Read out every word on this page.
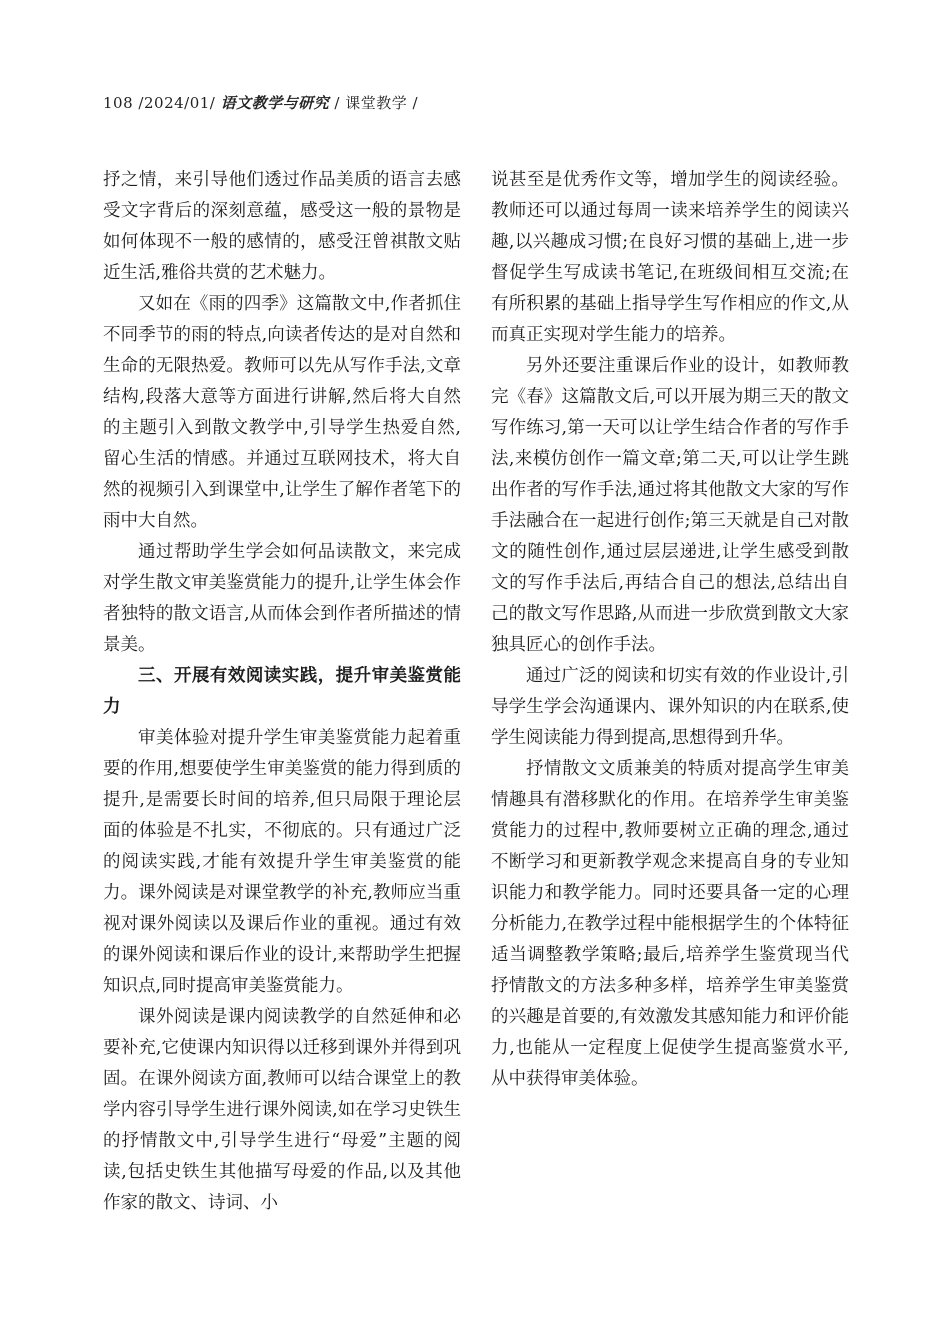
108 /2024/01/ 语文教学与研究 / 课堂教学 /

抒之情，来引导他们透过作品美质的语言去感受文字背后的深刻意蕴，感受这一般的景物是如何体现不一般的感情的，感受汪曾祺散文贴近生活,雅俗共赏的艺术魅力。

又如在《雨的四季》这篇散文中,作者抓住不同季节的雨的特点,向读者传达的是对自然和生命的无限热爱。教师可以先从写作手法,文章结构,段落大意等方面进行讲解,然后将大自然的主题引入到散文教学中,引导学生热爱自然,留心生活的情感。并通过互联网技术，将大自然的视频引入到课堂中,让学生了解作者笔下的雨中大自然。

通过帮助学生学会如何品读散文，来完成对学生散文审美鉴赏能力的提升,让学生体会作者独特的散文语言,从而体会到作者所描述的情景美。

三、开展有效阅读实践，提升审美鉴赏能力

审美体验对提升学生审美鉴赏能力起着重要的作用,想要使学生审美鉴赏的能力得到质的提升,是需要长时间的培养,但只局限于理论层面的体验是不扎实，不彻底的。只有通过广泛的阅读实践,才能有效提升学生审美鉴赏的能力。课外阅读是对课堂教学的补充,教师应当重视对课外阅读以及课后作业的重视。通过有效的课外阅读和课后作业的设计,来帮助学生把握知识点,同时提高审美鉴赏能力。

课外阅读是课内阅读教学的自然延伸和必要补充,它使课内知识得以迁移到课外并得到巩固。在课外阅读方面,教师可以结合课堂上的教学内容引导学生进行课外阅读,如在学习史铁生的抒情散文中,引导学生进行“母爱”主题的阅读,包括史铁生其他描写母爱的作品,以及其他作家的散文、诗词、小

说甚至是优秀作文等，增加学生的阅读经验。教师还可以通过每周一读来培养学生的阅读兴趣,以兴趣成习惯;在良好习惯的基础上,进一步督促学生写成读书笔记,在班级间相互交流;在有所积累的基础上指导学生写作相应的作文,从而真正实现对学生能力的培养。

另外还要注重课后作业的设计，如教师教完《春》这篇散文后,可以开展为期三天的散文写作练习,第一天可以让学生结合作者的写作手法,来模仿创作一篇文章;第二天,可以让学生跳出作者的写作手法,通过将其他散文大家的写作手法融合在一起进行创作;第三天就是自己对散文的随性创作,通过层层递进,让学生感受到散文的写作手法后,再结合自己的想法,总结出自己的散文写作思路,从而进一步欣赏到散文大家独具匠心的创作手法。

通过广泛的阅读和切实有效的作业设计,引导学生学会沟通课内、课外知识的内在联系,使学生阅读能力得到提高,思想得到升华。

抒情散文文质兼美的特质对提高学生审美情趣具有潜移默化的作用。在培养学生审美鉴赏能力的过程中,教师要树立正确的理念,通过不断学习和更新教学观念来提高自身的专业知识能力和教学能力。同时还要具备一定的心理分析能力,在教学过程中能根据学生的个体特征适当调整教学策略;最后,培养学生鉴赏现当代抒情散文的方法多种多样，培养学生审美鉴赏的兴趣是首要的,有效激发其感知能力和评价能力,也能从一定程度上促使学生提高鉴赏水平,从中获得审美体验。
